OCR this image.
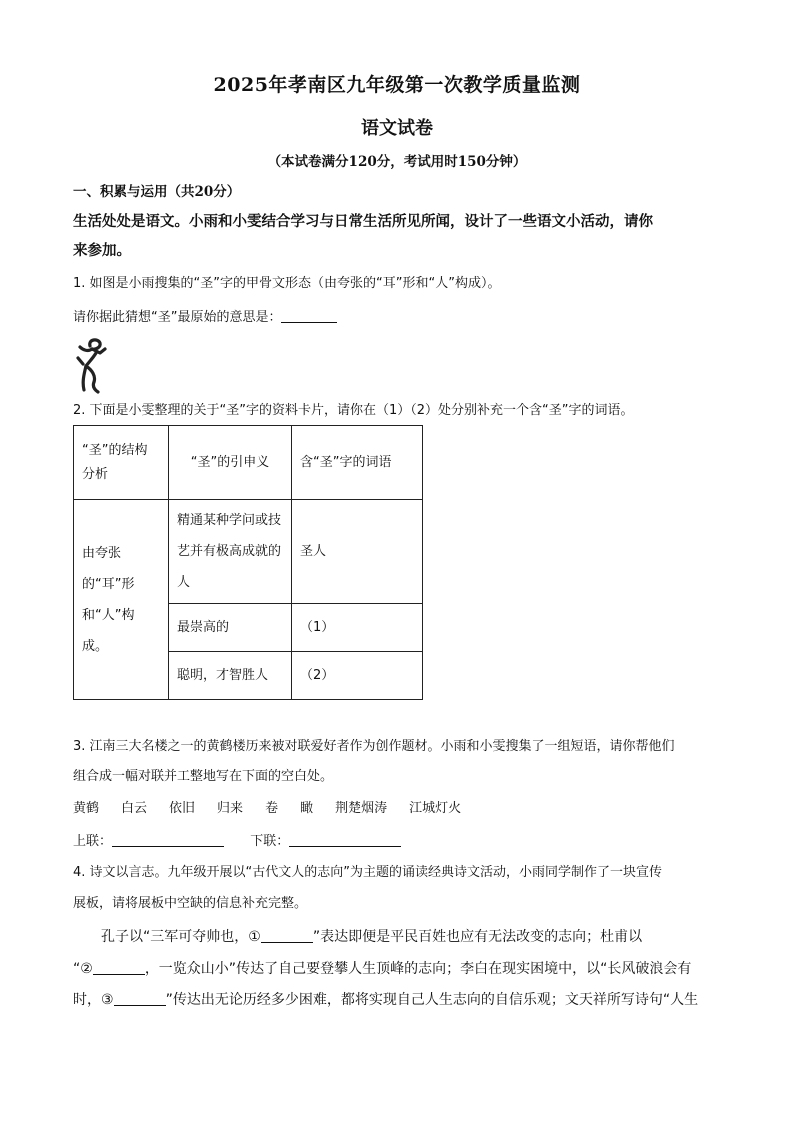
2025年孝南区九年级第一次教学质量监测
语文试卷
（本试卷满分120分，考试用时150分钟）
一、积累与运用（共20分）
生活处处是语文。小雨和小雯结合学习与日常生活所见所闻，设计了一些语文小活动，请你
来参加。
1. 如图是小雨搜集的“圣”字的甲骨文形态（由夸张的“耳”形和“人”构成）。
请你据此猜想“圣”最原始的意思是：
2. 下面是小雯整理的关于“圣”字的资料卡片，请你在（1）（2）处分别补充一个含“圣”字的词语。
“圣”的结构分析	“圣”的引申义	含“圣”字的词语
由夸张的“耳”形和“人”构成。	精通某种学问或技艺并有极高成就的人	圣人
	最崇高的	（1）
	聪明，才智胜人	（2）
3. 江南三大名楼之一的黄鹤楼历来被对联爱好者作为创作题材。小雨和小雯搜集了一组短语，请你帮他们
组合成一幅对联并工整地写在下面的空白处。
黄鹤 白云 依旧 归来 卷 瞰 荆楚烟涛 江城灯火
上联：	下联：
4. 诗文以言志。九年级开展以“古代文人的志向”为主题的诵读经典诗文活动，小雨同学制作了一块宣传
展板，请将展板中空缺的信息补充完整。
孔子以“三军可夺帅也，①	”表达即便是平民百姓也应有无法改变的志向；杜甫以
“②	，一览众山小”传达了自己要登攀人生顶峰的志向；李白在现实困境中，以“长风破浪会有
时，③	”传达出无论历经多少困难，都将实现自己人生志向的自信乐观；文天祥所写诗句“人生
